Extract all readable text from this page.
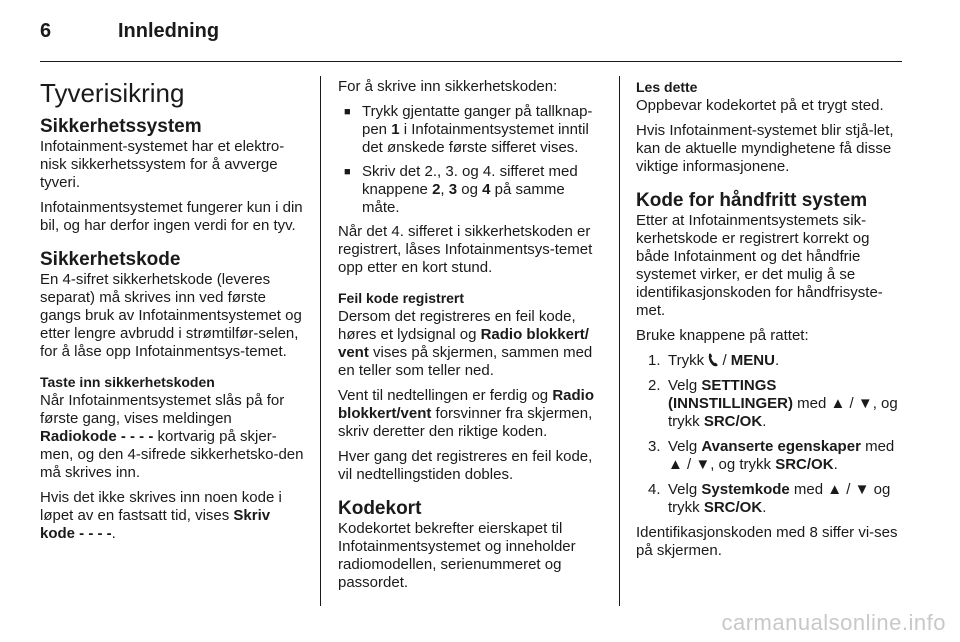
6	Innledning
Tyverisikring
Sikkerhetssystem

Infotainment-systemet har et elektro-nisk sikkerhetssystem for å avverge tyveri.

Infotainmentsystemet fungerer kun i din bil, og har derfor ingen verdi for en tyv.

Sikkerhetskode

En 4-sifret sikkerhetskode (leveres separat) må skrives inn ved første gangs bruk av Infotainmentsystemet og etter lengre avbrudd i strømtilfør-selen, for å låse opp Infotainmentsys-temet.

Taste inn sikkerhetskoden

Når Infotainmentsystemet slås på for første gang, vises meldingen
Radiokode - - - - kortvarig på skjer-men, og den 4-sifrede sikkerhetsko-den må skrives inn.

Hvis det ikke skrives inn noen kode i løpet av en fastsatt tid, vises Skriv kode - - - -.

For å skrive inn sikkerhetskoden:

■ Trykk gjentatte ganger på tallknap-pen 1 i Infotainmentsystemet inntil det ønskede første sifferet vises.
■ Skriv det 2., 3. og 4. sifferet med knappene 2, 3 og 4 på samme måte.

Når det 4. sifferet i sikkerhetskoden er registrert, låses Infotainmentsys-temet opp etter en kort stund.

Feil kode registrert

Dersom det registreres en feil kode, høres et lydsignal og Radio blokkert/ vent vises på skjermen, sammen med en teller som teller ned.

Vent til nedtellingen er ferdig og Radio blokkert/vent forsvinner fra skjermen, skriv deretter den riktige koden.

Hver gang det registreres en feil kode, vil nedtellingstiden dobles.

Kodekort

Kodekortet bekrefter eierskapet til Infotainmentsystemet og inneholder radiomodellen, serienummeret og passordet.

Les dette

Oppbevar kodekortet på et trygt sted.

Hvis Infotainment-systemet blir stjå-let, kan de aktuelle myndighetene få disse viktige informasjonene.

Kode for håndfritt system

Etter at Infotainmentsystemets sik-kerhetskode er registrert korrekt og både Infotainment og det håndfrie systemet virker, er det mulig å se identifikasjonskoden for håndfrisyste-met.

Bruke knappene på rattet:

1. Trykk  / MENU.
2. Velg SETTINGS (INNSTILLINGER) med ▲ / ▼, og trykk SRC/OK.
3. Velg Avanserte egenskaper med ▲ / ▼, og trykk SRC/OK.
4. Velg Systemkode med ▲ / ▼ og trykk SRC/OK.

Identifikasjonskoden med 8 siffer vi-ses på skjermen.

carmanualsonline.info
